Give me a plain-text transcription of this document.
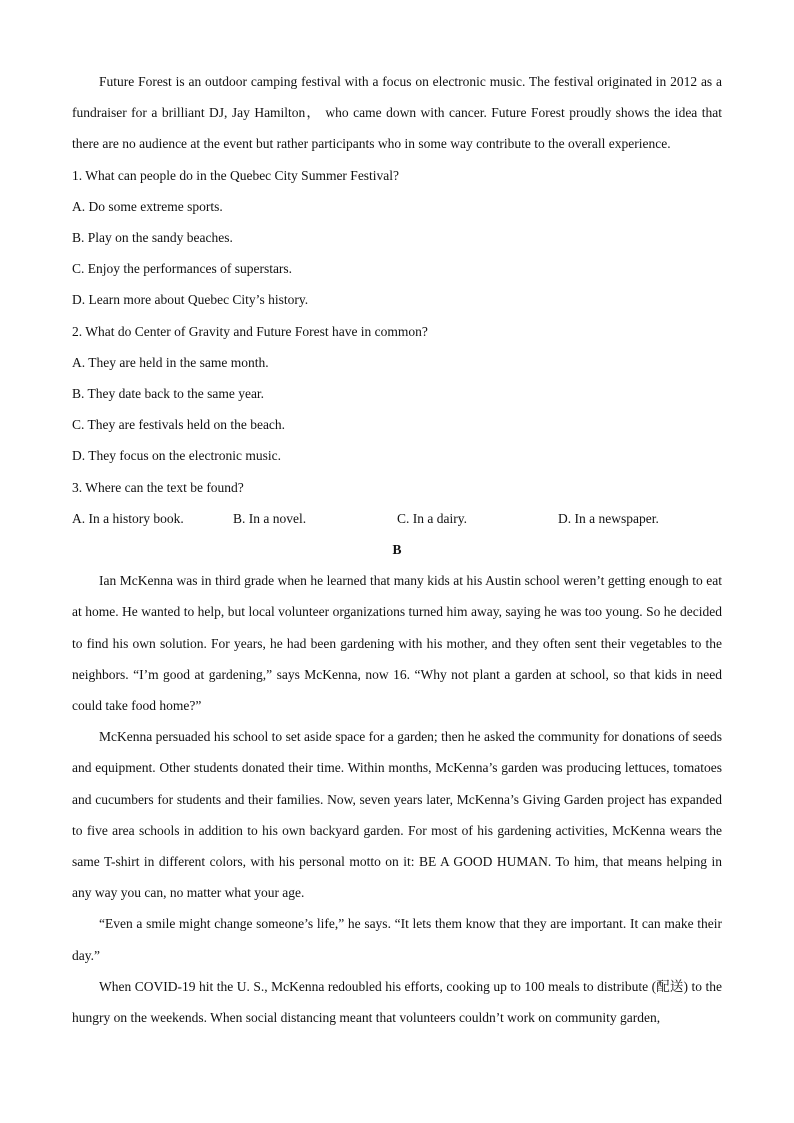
Future Forest is an outdoor camping festival with a focus on electronic music. The festival originated in 2012 as a fundraiser for a brilliant DJ, Jay Hamilton， who came down with cancer. Future Forest proudly shows the idea that there are no audience at the event but rather participants who in some way contribute to the overall experience.

1. What can people do in the Quebec City Summer Festival?

A. Do some extreme sports.

B. Play on the sandy beaches.

C. Enjoy the performances of superstars.

D. Learn more about Quebec City’s history.

2. What do Center of Gravity and Future Forest have in common?

A. They are held in the same month.

B. They date back to the same year.

C. They are festivals held on the beach.

D. They focus on the electronic music.

3. Where can the text be found?

A. In a history book.	B. In a novel.	C. In a dairy.	D. In a newspaper.

B

Ian McKenna was in third grade when he learned that many kids at his Austin school weren’t getting enough to eat at home. He wanted to help, but local volunteer organizations turned him away, saying he was too young. So he decided to find his own solution. For years, he had been gardening with his mother, and they often sent their vegetables to the neighbors. “I’m good at gardening,” says McKenna, now 16. “Why not plant a garden at school, so that kids in need could take food home?”

McKenna persuaded his school to set aside space for a garden; then he asked the community for donations of seeds and equipment. Other students donated their time. Within months, McKenna’s garden was producing lettuces, tomatoes and cucumbers for students and their families. Now, seven years later, McKenna’s Giving Garden project has expanded to five area schools in addition to his own backyard garden. For most of his gardening activities, McKenna wears the same T-shirt in different colors, with his personal motto on it: BE A GOOD HUMAN. To him, that means helping in any way you can, no matter what your age.

“Even a smile might change someone’s life,” he says. “It lets them know that they are important. It can make their day.”

When COVID-19 hit the U. S., McKenna redoubled his efforts, cooking up to 100 meals to distribute (配送) to the hungry on the weekends. When social distancing meant that volunteers couldn’t work on community garden,
